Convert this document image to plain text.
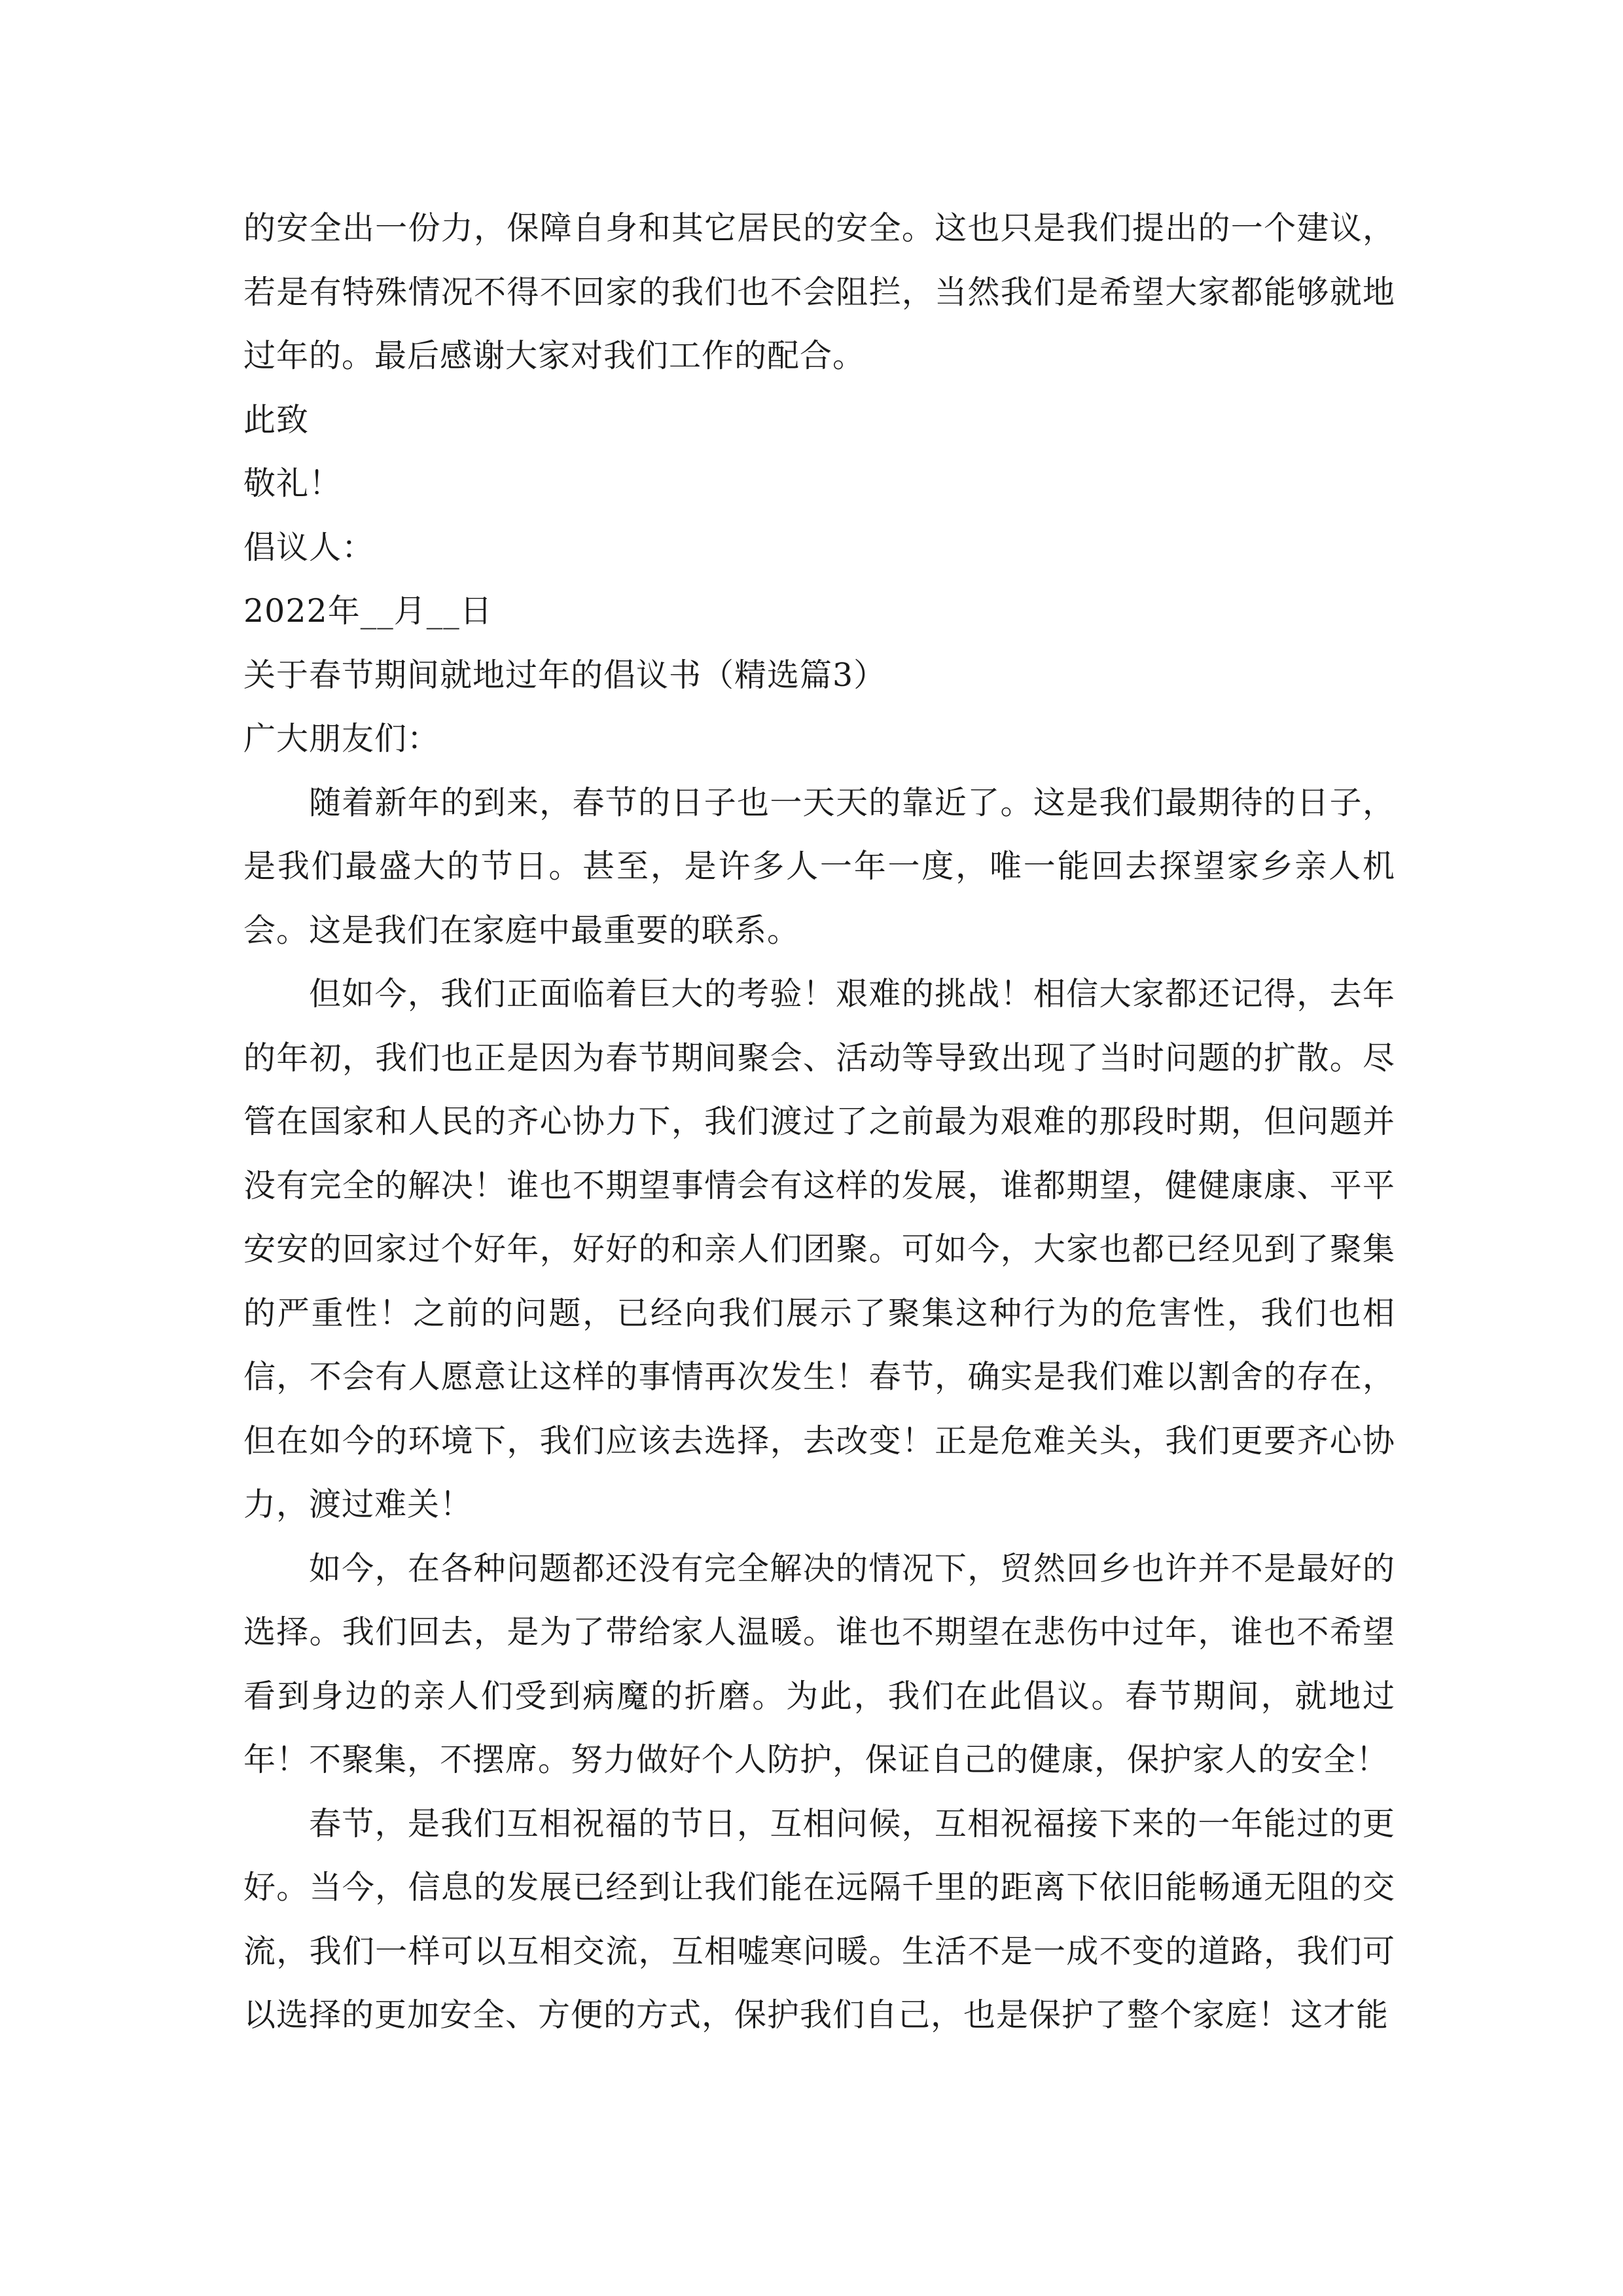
的安全出一份力，保障自身和其它居民的安全。这也只是我们提出的一个建议，若是有特殊情况不得不回家的我们也不会阻拦，当然我们是希望大家都能够就地过年的。最后感谢大家对我们工作的配合。

此致

敬礼！

倡议人：

2022年__月__日

关于春节期间就地过年的倡议书（精选篇3）

广大朋友们：

随着新年的到来，春节的日子也一天天的靠近了。这是我们最期待的日子，是我们最盛大的节日。甚至，是许多人一年一度，唯一能回去探望家乡亲人机会。这是我们在家庭中最重要的联系。

但如今，我们正面临着巨大的考验！艰难的挑战！相信大家都还记得，去年的年初，我们也正是因为春节期间聚会、活动等导致出现了当时问题的扩散。尽管在国家和人民的齐心协力下，我们渡过了之前最为艰难的那段时期，但问题并没有完全的解决！谁也不期望事情会有这样的发展，谁都期望，健健康康、平平安安的回家过个好年，好好的和亲人们团聚。可如今，大家也都已经见到了聚集的严重性！之前的问题，已经向我们展示了聚集这种行为的危害性，我们也相信，不会有人愿意让这样的事情再次发生！春节，确实是我们难以割舍的存在，但在如今的环境下，我们应该去选择，去改变！正是危难关头，我们更要齐心协力，渡过难关！

如今，在各种问题都还没有完全解决的情况下，贸然回乡也许并不是最好的选择。我们回去，是为了带给家人温暖。谁也不期望在悲伤中过年，谁也不希望看到身边的亲人们受到病魔的折磨。为此，我们在此倡议。春节期间，就地过年！不聚集，不摆席。努力做好个人防护，保证自己的健康，保护家人的安全！

春节，是我们互相祝福的节日，互相问候，互相祝福接下来的一年能过的更好。当今，信息的发展已经到让我们能在远隔千里的距离下依旧能畅通无阻的交流，我们一样可以互相交流，互相嘘寒问暖。生活不是一成不变的道路，我们可以选择的更加安全、方便的方式，保护我们自己，也是保护了整个家庭！这才能
